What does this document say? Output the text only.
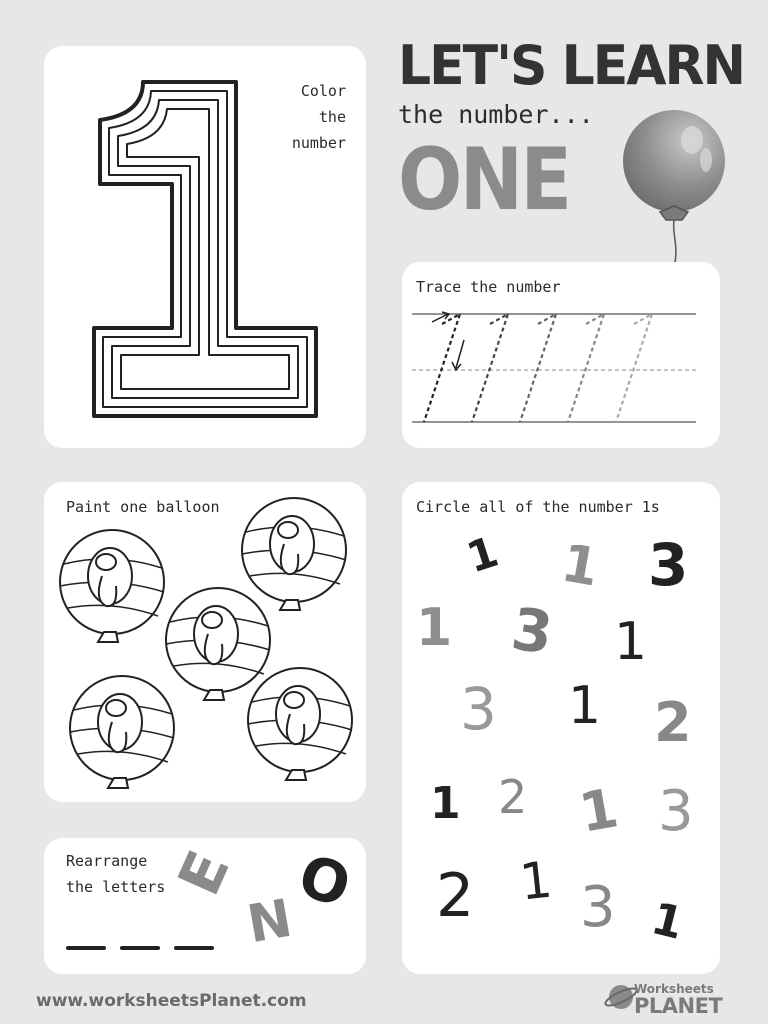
LET'S LEARN
the number...
ONE
Color
the
number
Trace the number
Paint one balloon	Circle all of the number 1s
1 1 3
1 3 1
3 1 2
1 2 1 3
2 1 3 1
Rearrange
the letters E
N
O
www.worksheetsPlanet.com
Worksheets
PLANET
